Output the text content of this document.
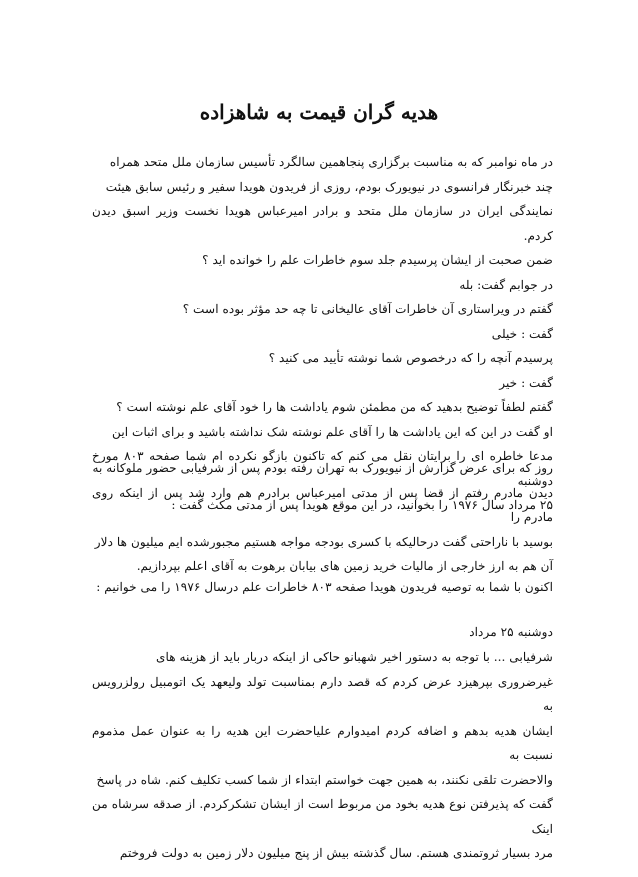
هدیه گران قیمت به شاهزاده
در ماه نوامبر که به مناسبت برگزاری پنجاهمین سالگرد تأسیس سازمان ملل متحد همراه
چند خبرنگار فرانسوی در نیویورک بودم، روزی از فریدون هویدا سفیر و رئیس سابق هیئت
نمایندگی ایران در سازمان ملل متحد و برادر امیرعباس هویدا نخست وزیر اسبق دیدن کردم.
ضمن صحبت از ایشان پرسیدم جلد سوم خاطرات علم را خوانده اید ؟
در جوابم گفت: بله
گفتم در ویراستاری آن خاطرات آقای عالیخانی تا چه حد مؤثر بوده است ؟
گفت : خیلی
پرسیدم آنچه را که درخصوص شما نوشته تأیید می کنید ؟
گفت : خیر
گفتم لطفاً توضیح بدهید که من مطمئن شوم یاداشت ها را خود آقای علم نوشته است ؟
او گفت در این که این یاداشت ها را آقای علم نوشته شک نداشته باشید و برای اثبات این
مدعا خاطره ای را برایتان نقل می کنم که تاکنون بازگو نکرده ام شما صفحه ۸۰۳ مورخ دوشنبه
۲۵ مرداد سال ۱۹۷۶ را بخوانید، در این موقع هویدا پس از مدتی مکث گفت :
روز که برای عرض گزارش از نیویورک به تهران رفته بودم پس از شرفیابی حضور ملوکانه به
دیدن مادرم رفتم از قضا پس از مدتی امیرعباس برادرم هم وارد شد پس از اینکه روی مادرم را
بوسید با ناراحتی گفت درحالیکه با کسری بودجه مواجه هستیم مجبورشده ایم میلیون ها دلار
آن هم به ارز خارجی از مالیات خرید زمین های بیابان برهوت به آقای اعلم بپردازیم.
اکنون با شما به توصیه فریدون هویدا صفحه ۸۰۳ خاطرات علم درسال ۱۹۷۶ را می خوانیم :
دوشنبه ۲۵ مرداد
شرفیابی ... با توجه به دستور اخیر شهبانو حاکی از اینکه دربار باید از هزینه های
غیرضروری بپرهیزد عرض کردم که قصد دارم بمناسبت تولد ولیعهد یک اتومبیل رولزرویس به
ایشان هدیه بدهم و اضافه کردم امیدوارم علیاحضرت این هدیه را به عنوان عمل مذموم نسبت به
والاحضرت تلقی نکنند، به همین جهت خواستم ابتداء از شما کسب تکلیف کنم. شاه در پاسخ
گفت که پذیرفتن نوع هدیه بخود من مربوط است از ایشان تشکرکردم. از صدقه سرشاه من اینک
مرد بسیار ثروتمندی هستم. سال گذشته بیش از پنج میلیون دلار زمین به دولت فروختم
